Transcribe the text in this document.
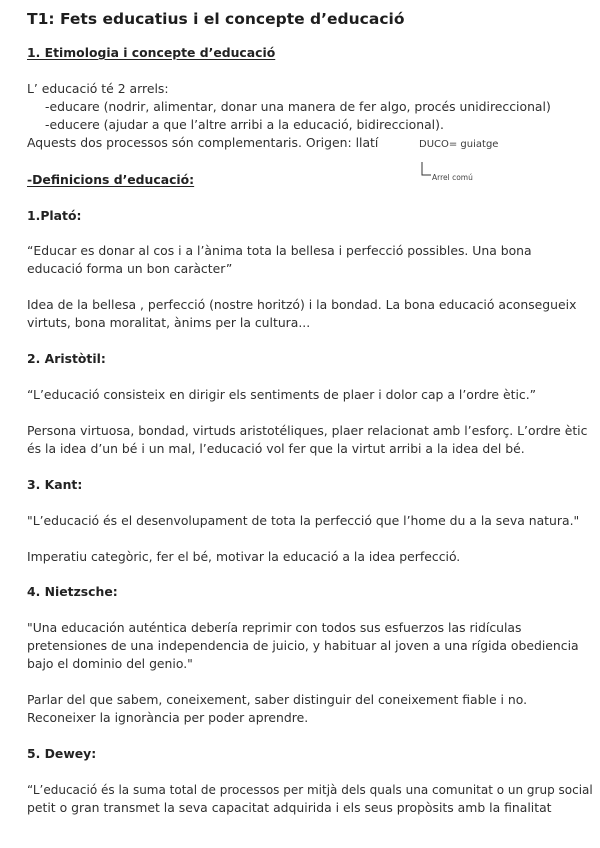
T1: Fets educatius i el concepte d’educació
1. Etimologia i concepte d’educació
L’ educació té 2 arrels:
-educare (nodrir, alimentar, donar una manera de fer algo, procés unidireccional)
-educere (ajudar a que l’altre arribi a la educació, bidireccional).
Aquests dos processos són complementaris. Origen: llatí	DUCO= guiatge
Arrel comú
-Definicions d’educació:
1.Plató:
“Educar es donar al cos i a l’ànima tota la bellesa i perfecció possibles. Una bona
educació forma un bon caràcter”
Idea de la bellesa , perfecció (nostre horitzó) i la bondad. La bona educació aconsegueix
virtuts, bona moralitat, ànims per la cultura...
2. Aristòtil:
“L’educació consisteix en dirigir els sentiments de plaer i dolor cap a l’ordre ètic.”
Persona virtuosa, bondad, virtuds aristotéliques, plaer relacionat amb l’esforç. L’ordre ètic
és la idea d’un bé i un mal, l’educació vol fer que la virtut arribi a la idea del bé.
3. Kant:
"L’educació és el desenvolupament de tota la perfecció que l’home du a la seva natura."
Imperatiu categòric, fer el bé, motivar la educació a la idea perfecció.
4. Nietzsche:
"Una educación auténtica debería reprimir con todos sus esfuerzos las ridículas
pretensiones de una independencia de juicio, y habituar al joven a una rígida obediencia
bajo el dominio del genio."
Parlar del que sabem, coneixement, saber distinguir del coneixement fiable i no.
Reconeixer la ignorància per poder aprendre.
5. Dewey:
“L’educació és la suma total de processos per mitjà dels quals una comunitat o un grup social
petit o gran transmet la seva capacitat adquirida i els seus propòsits amb la finalitat
